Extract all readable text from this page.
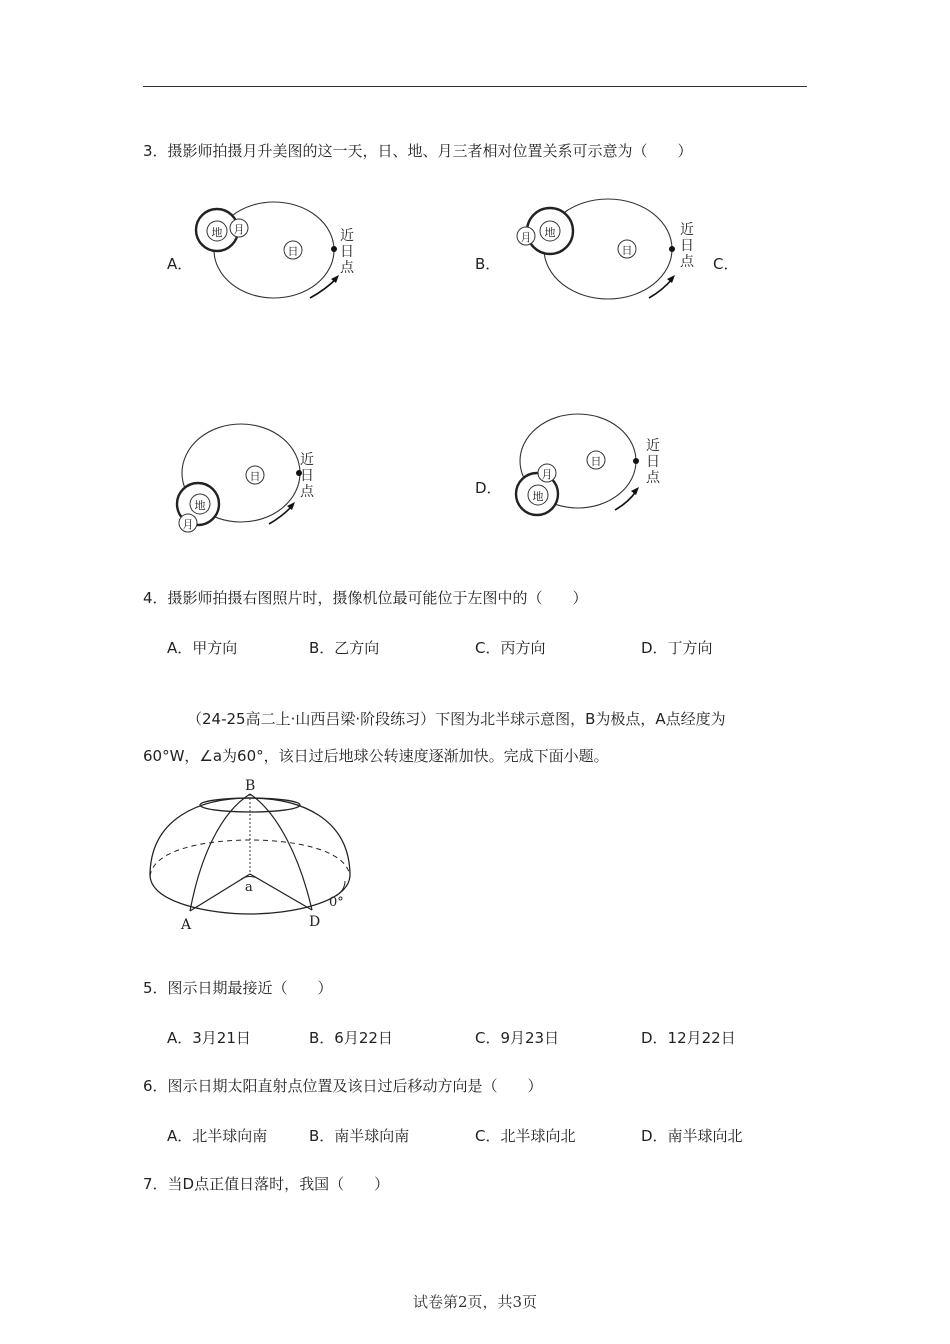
3．摄影师拍摄月升美图的这一天，日、地、月三者相对位置关系可示意为（　　）
A．
日
地 月	近
日
点	B．
日
地
月	近
日
点 C．
日
地
月
近
日
点	D．
日
地
月
近
日
点
4．摄影师拍摄右图照片时，摄像机位最可能位于左图中的（　　）
A．甲方向	B．乙方向	C．丙方向	D．丁方向
（24-25高二上·山西吕梁·阶段练习）下图为北半球示意图，B为极点，A点经度为
60°W，∠a为60°，该日过后地球公转速度逐渐加快。完成下面小题。
B
a
A	D
0°
5．图示日期最接近（　　）
A．3月21日	B．6月22日	C．9月23日	D．12月22日
6．图示日期太阳直射点位置及该日过后移动方向是（　　）
A．北半球向南	B．南半球向南	C．北半球向北	D．南半球向北
7．当D点正值日落时，我国（　　）
试卷第2页，共3页
